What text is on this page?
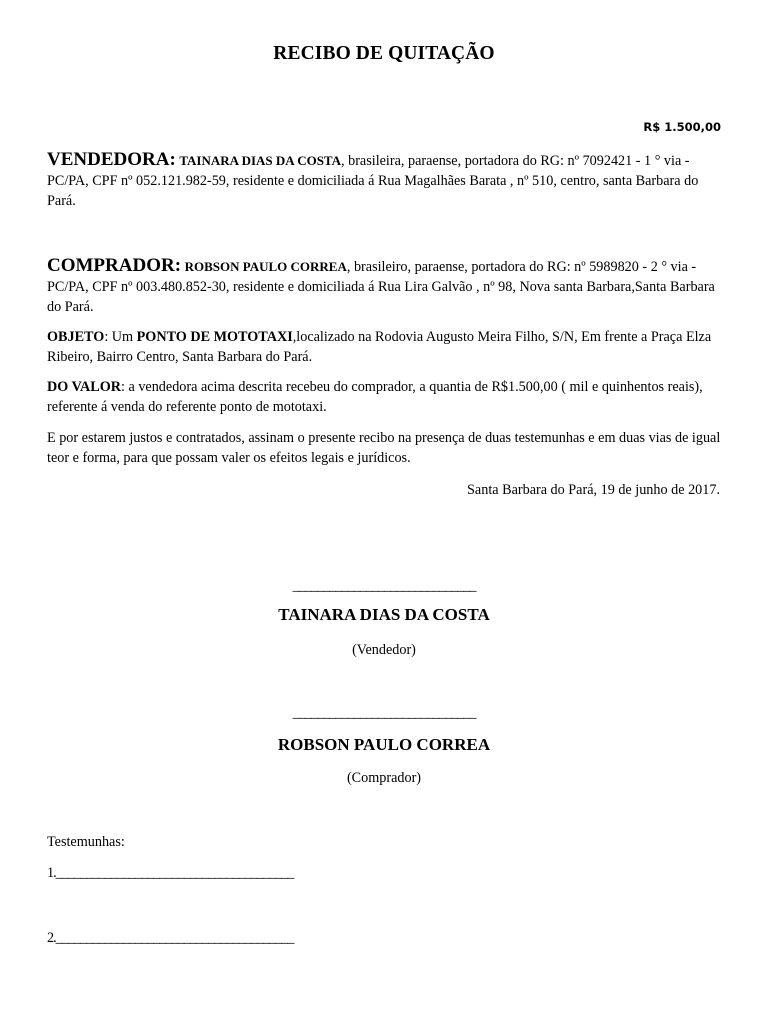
RECIBO DE QUITAÇÃO
R$ 1.500,00
VENDEDORA: TAINARA DIAS DA COSTA, brasileira, paraense, portadora do RG: nº 7092421 - 1 ° via -PC/PA, CPF nº 052.121.982-59, residente e domiciliada á Rua Magalhães Barata , nº 510, centro, santa Barbara do Pará.
COMPRADOR: ROBSON PAULO CORREA, brasileiro, paraense, portadora do RG: nº 5989820 - 2 ° via -PC/PA, CPF nº 003.480.852-30, residente e domiciliada á Rua Lira Galvão , nº 98, Nova santa Barbara,Santa Barbara do Pará.
OBJETO: Um PONTO DE MOTOTAXI,localizado na Rodovia Augusto Meira Filho, S/N, Em frente a Praça Elza Ribeiro, Bairro Centro, Santa Barbara do Pará.
DO VALOR: a vendedora acima descrita recebeu do comprador, a quantia de R$1.500,00 ( mil e quinhentos reais), referente á venda do referente ponto de mototaxi.
E por estarem justos e contratados, assinam o presente recibo na presença de duas testemunhas e em duas vias de igual teor e forma, para que possam valer os efeitos legais e jurídicos.
Santa Barbara do Pará, 19 de junho de 2017.
______________________________
TAINARA DIAS DA COSTA
(Vendedor)
______________________________
ROBSON PAULO CORREA
(Comprador)
Testemunhas:
1._______________________________________
2._______________________________________
